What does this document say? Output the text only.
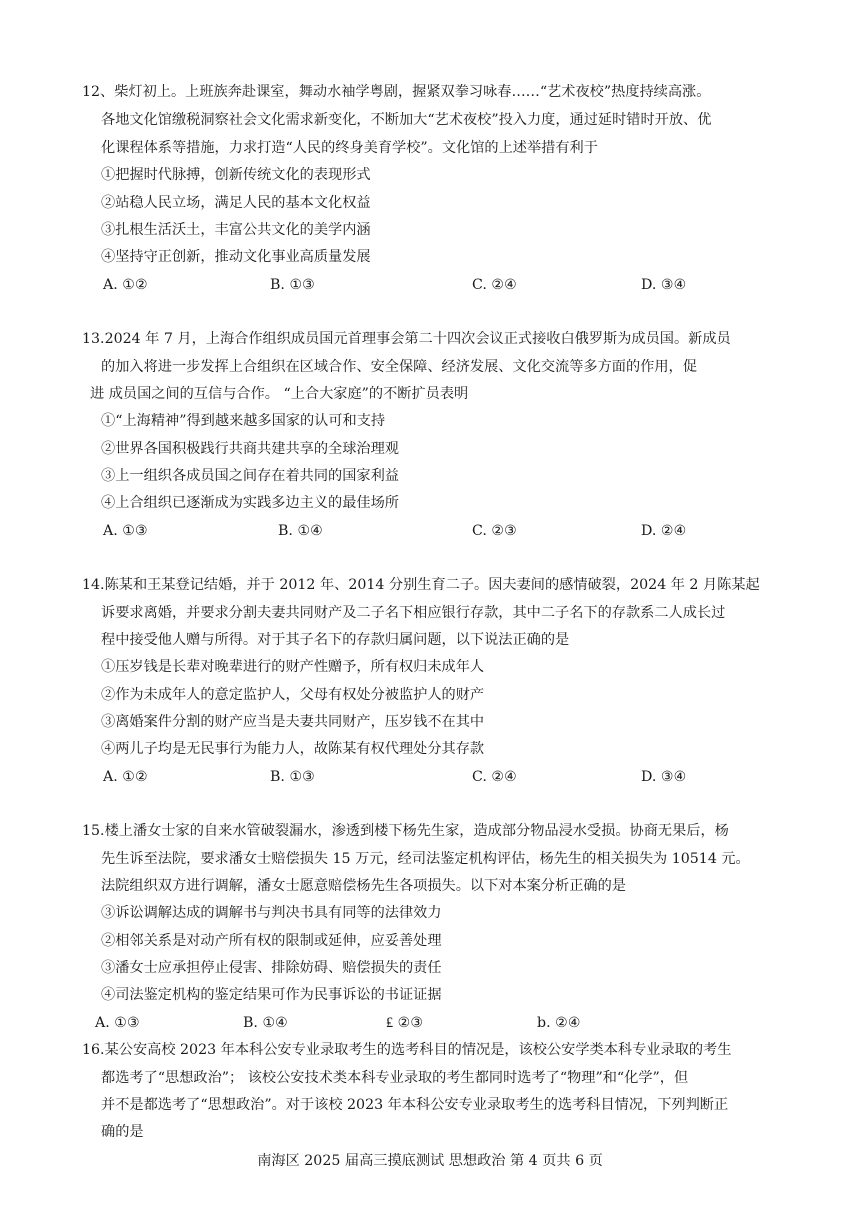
12、柴灯初上。上班族奔赴课室，舞动水袖学粤剧，握紧双拳习咏春……“艺术夜校”热度持续高涨。
各地文化馆缴税洞察社会文化需求新变化，不断加大“艺术夜校”投入力度，通过延时错时开放、优
化课程体系等措施，力求打造“人民的终身美育学校”。文化馆的上述举措有利于
①把握时代脉搏，创新传统文化的表现形式
②站稳人民立场，满足人民的基本文化权益
③扎根生活沃土，丰富公共文化的美学内涵
④坚持守正创新，推动文化事业高质量发展
A. ①②	B. ①③	C. ②④	D. ③④
13.2024 年 7 月，上海合作组织成员国元首理事会第二十四次会议正式接收白俄罗斯为成员国。新成员
的加入将进一步发挥上合组织在区域合作、安全保障、经济发展、文化交流等多方面的作用，促
进 成员国之间的互信与合作。 “上合大家庭”的不断扩员表明
①“上海精神”得到越来越多国家的认可和支持
②世界各国积极践行共商共建共享的全球治理观
③上一组织各成员国之间存在着共同的国家利益
④上合组织已逐渐成为实践多边主义的最佳场所
A. ①③	B. ①④	C. ②③	D. ②④
14.陈某和王某登记结婚，并于 2012 年、2014 分别生育二子。因夫妻间的感情破裂，2024 年 2 月陈某起
诉要求离婚，并要求分割夫妻共同财产及二子名下相应银行存款，其中二子名下的存款系二人成长过
程中接受他人赠与所得。对于其子名下的存款归属问题，以下说法正确的是
①压岁钱是长辈对晚辈进行的财产性赠予，所有权归未成年人
②作为未成年人的意定监护人，父母有权处分被监护人的财产
③离婚案件分割的财产应当是夫妻共同财产，压岁钱不在其中
④两儿子均是无民事行为能力人，故陈某有权代理处分其存款
A. ①②	B. ①③	C. ②④	D. ③④
15.楼上潘女士家的自来水管破裂漏水，渗透到楼下杨先生家，造成部分物品浸水受损。协商无果后，杨
先生诉至法院，要求潘女士赔偿损失 15 万元，经司法鉴定机构评估，杨先生的相关损失为 10514 元。
法院组织双方进行调解，潘女士愿意赔偿杨先生各项损失。以下对本案分析正确的是
③诉讼调解达成的调解书与判决书具有同等的法律效力
②相邻关系是对动产所有权的限制或延伸，应妥善处理
③潘女士应承担停止侵害、排除妨碍、赔偿损失的责任
④司法鉴定机构的鉴定结果可作为民事诉讼的书证证据
A. ①③	B. ①④	₤ ②③	b. ②④
16.某公安高校 2023 年本科公安专业录取考生的选考科目的情况是，该校公安学类本科专业录取的考生
都选考了“思想政治”； 该校公安技术类本科专业录取的考生都同时选考了“物理”和“化学”，但
并不是都选考了“思想政治”。对于该校 2023 年本科公安专业录取考生的选考科目情况，下列判断正
确的是
南海区 2025 届高三摸底测试 思想政治 第 4 页共 6 页
